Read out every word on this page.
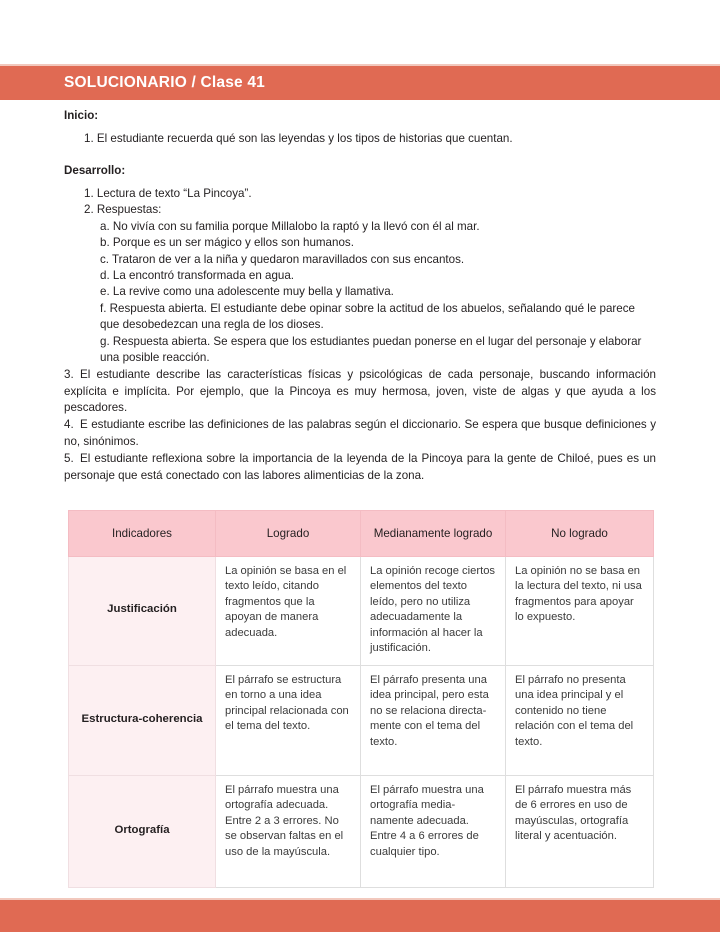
SOLUCIONARIO / Clase 41

Inicio:

1. El estudiante recuerda qué son las leyendas y los tipos de historias que cuentan.

Desarrollo:

1. Lectura de texto “La Pincoya”.

2. Respuestas:

a. No vivía con su familia porque Millalobo la raptó y la llevó con él al mar.

b. Porque es un ser mágico y ellos son humanos.

c. Trataron de ver a la niña y quedaron maravillados con sus encantos.

d. La encontró transformada en agua.

e. La revive como una adolescente muy bella y llamativa.

f. Respuesta abierta. El estudiante debe opinar sobre la actitud de los abuelos, señalando qué le parece que desobedezcan una regla de los dioses.

g. Respuesta abierta. Se espera que los estudiantes puedan ponerse en el lugar del personaje y elaborar una posible reacción.

3. El estudiante describe las características físicas y psicológicas de cada personaje, buscando información explícita e implícita. Por ejemplo, que la Pincoya es muy hermosa, joven, viste de algas y que ayuda a los pescadores.

4. E estudiante escribe las definiciones de las palabras según el diccionario. Se espera que busque definiciones y no, sinónimos.

5. El estudiante reflexiona sobre la importancia de la leyenda de la Pincoya para la gente de Chiloé, pues es un personaje que está conectado con las labores alimenticias de la zona.

Indicadores	Logrado	Medianamente logrado	No logrado
Justificación	La opinión se basa en el texto leído, citando fragmentos que la apoyan de manera adecuada.	La opinión recoge ciertos elementos del texto leído, pero no utiliza adecuadamente la información al hacer la justificación.	La opinión no se basa en la lectura del texto, ni usa fragmentos para apoyar lo expuesto.
Estructura-coherencia	El párrafo se estructura en torno a una idea principal relacionada con el tema del texto.	El párrafo presenta una idea principal, pero esta no se relaciona directa-mente con el tema del texto.	El párrafo no presenta una idea principal y el contenido no tiene relación con el tema del texto.
Ortografía	El párrafo muestra una ortografía adecuada. Entre 2 a 3 errores. No se observan faltas en el uso de la mayúscula.	El párrafo muestra una ortografía media-namente adecuada. Entre 4 a 6 errores de cualquier tipo.	El párrafo muestra más de 6 errores en uso de mayúsculas, ortografía literal y acentuación.
